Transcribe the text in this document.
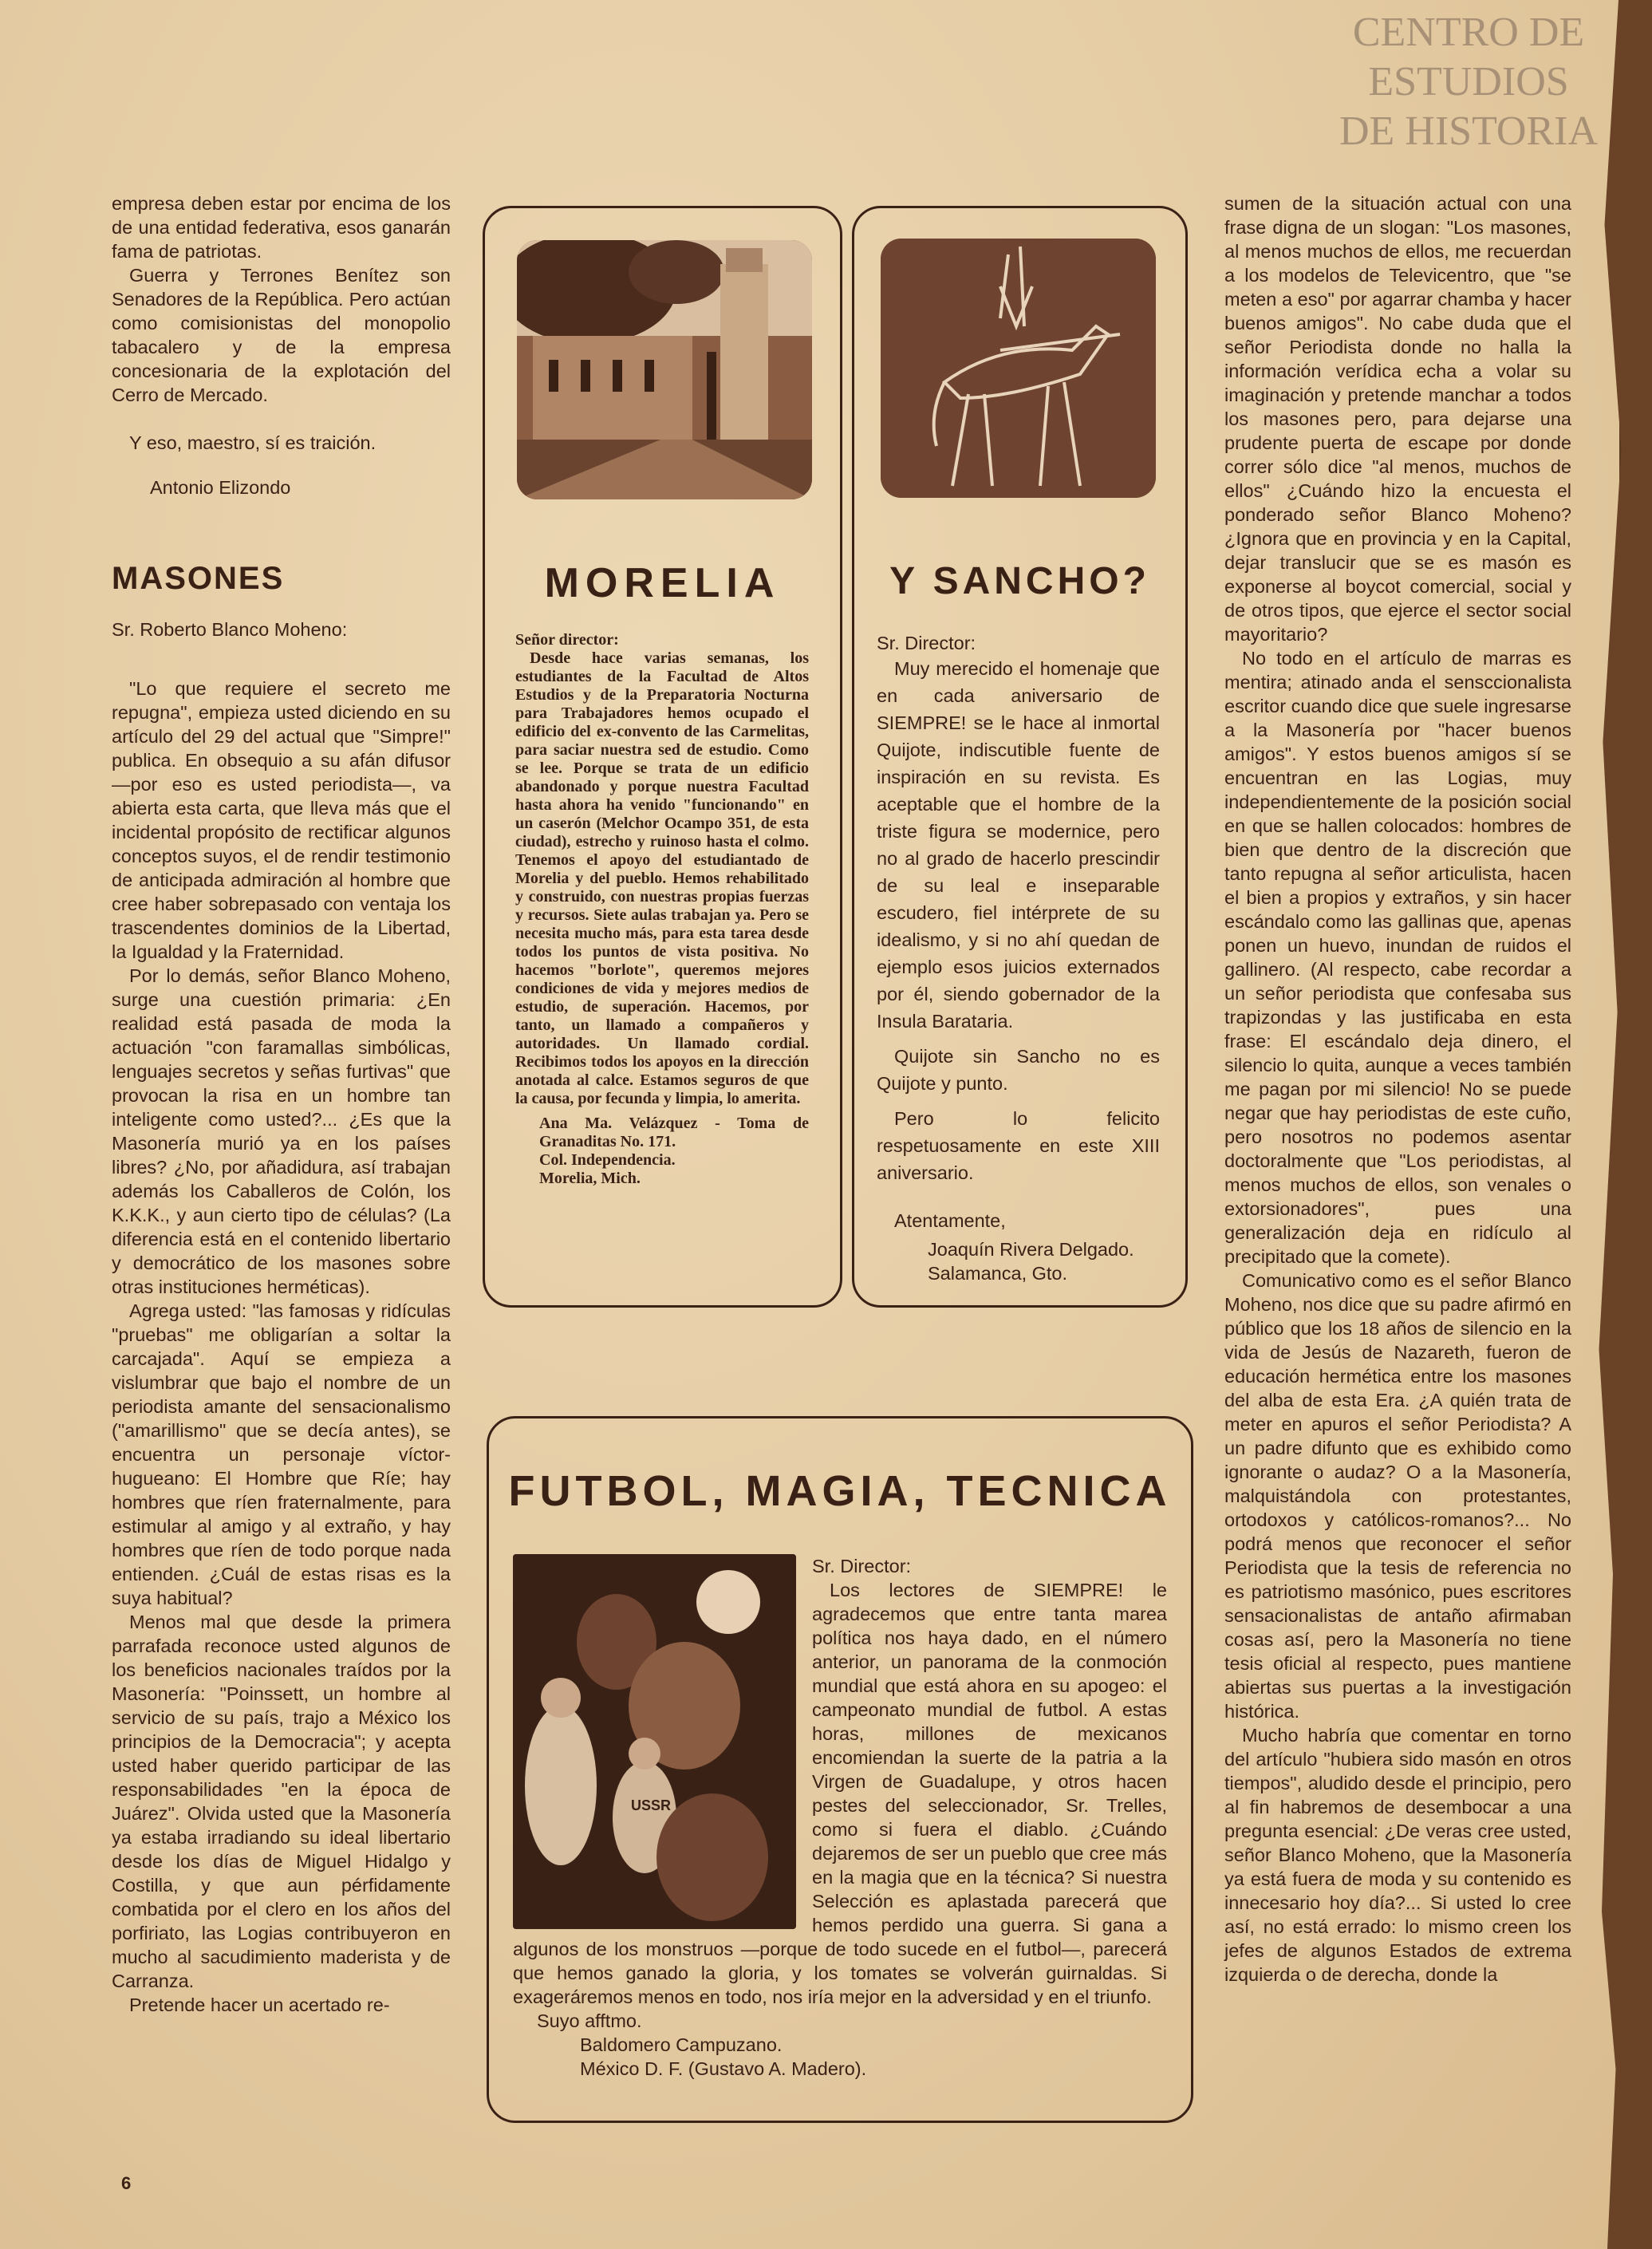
CENTRO DE
ESTUDIOS
DE HISTORIA

empresa deben estar por encima de los de una entidad federativa, esos ganarán fama de patriotas.

Guerra y Terrones Benítez son Senadores de la República. Pero actúan como comisionistas del monopolio tabacalero y de la empresa concesionaria de la explotación del Cerro de Mercado.

Y eso, maestro, sí es traición.

Antonio Elizondo

MASONES

Sr. Roberto Blanco Moheno:

"Lo que requiere el secreto me repugna", empieza usted diciendo en su artículo del 29 del actual que "Simpre!" publica. En obsequio a su afán difusor —por eso es usted periodista—, va abierta esta carta, que lleva más que el incidental propósito de rectificar algunos conceptos suyos, el de rendir testimonio de anticipada admiración al hombre que cree haber sobrepasado con ventaja los trascendentes dominios de la Libertad, la Igualdad y la Fraternidad.

Por lo demás, señor Blanco Moheno, surge una cuestión primaria: ¿En realidad está pasada de moda la actuación "con faramallas simbólicas, lenguajes secretos y señas furtivas" que provocan la risa en un hombre tan inteligente como usted?... ¿Es que la Masonería murió ya en los países libres? ¿No, por añadidura, así trabajan además los Caballeros de Colón, los K.K.K., y aun cierto tipo de células? (La diferencia está en el contenido libertario y democrático de los masones sobre otras instituciones herméticas).

Agrega usted: "las famosas y ridículas "pruebas" me obligarían a soltar la carcajada". Aquí se empieza a vislumbrar que bajo el nombre de un periodista amante del sensacionalismo ("amarillismo" que se decía antes), se encuentra un personaje víctor-hugueano: El Hombre que Ríe; hay hombres que ríen fraternalmente, para estimular al amigo y al extraño, y hay hombres que ríen de todo porque nada entienden. ¿Cuál de estas risas es la suya habitual?

Menos mal que desde la primera parrafada reconoce usted algunos de los beneficios nacionales traídos por la Masonería: "Poinssett, un hombre al servicio de su país, trajo a México los principios de la Democracia"; y acepta usted haber querido participar de las responsabilidades "en la época de Juárez". Olvida usted que la Masonería ya estaba irradiando su ideal libertario desde los días de Miguel Hidalgo y Costilla, y que aun pérfidamente combatida por el clero en los años del porfiriato, las Logias contribuyeron en mucho al sacudimiento maderista y de Carranza.

Pretende hacer un acertado re-

6
MORELIA

Señor director:

Desde hace varias semanas, los estudiantes de la Facultad de Altos Estudios y de la Preparatoria Nocturna para Trabajadores hemos ocupado el edificio del ex-convento de las Carmelitas, para saciar nuestra sed de estudio. Como se lee. Porque se trata de un edificio abandonado y porque nuestra Facultad hasta ahora ha venido "funcionando" en un caserón (Melchor Ocampo 351, de esta ciudad), estrecho y ruinoso hasta el colmo. Tenemos el apoyo del estudiantado de Morelia y del pueblo. Hemos rehabilitado y construido, con nuestras propias fuerzas y recursos. Siete aulas trabajan ya. Pero se necesita mucho más, para esta tarea desde todos los puntos de vista positiva. No hacemos "borlote", queremos mejores condiciones de vida y mejores medios de estudio, de superación. Hacemos, por tanto, un llamado a compañeros y autoridades. Un llamado cordial. Recibimos todos los apoyos en la dirección anotada al calce. Estamos seguros de que la causa, por fecunda y limpia, lo amerita.

Ana Ma. Velázquez - Toma de Granaditas No. 171.

Col. Independencia.

Morelia, Mich.

Y SANCHO?

Sr. Director:

Muy merecido el homenaje que en cada aniversario de SIEMPRE! se le hace al inmortal Quijote, indiscutible fuente de inspiración en su revista. Es aceptable que el hombre de la triste figura se modernice, pero no al grado de hacerlo prescindir de su leal e inseparable escudero, fiel intérprete de su idealismo, y si no ahí quedan de ejemplo esos juicios externados por él, siendo gobernador de la Insula Barataria.

Quijote sin Sancho no es Quijote y punto.

Pero lo felicito respetuosamente en este XIII aniversario.

Atentamente,

Joaquín Rivera Delgado.

Salamanca, Gto.

FUTBOL, MAGIA, TECNICA
USSR

Sr. Director:

Los lectores de SIEMPRE! le agradecemos que entre tanta marea política nos haya dado, en el número anterior, un panorama de la conmoción mundial que está ahora en su apogeo: el campeonato mundial de futbol. A estas horas, millones de mexicanos encomiendan la suerte de la patria a la Virgen de Guadalupe, y otros hacen pestes del seleccionador, Sr. Trelles, como si fuera el diablo. ¿Cuándo dejaremos de ser un pueblo que cree más en la magia que en la técnica? Si nuestra Selección es aplastada parecerá que hemos perdido una guerra. Si gana a algunos de los monstruos —porque de todo sucede en el futbol—, parecerá que hemos ganado la gloria, y los tomates se volverán guirnaldas. Si exageráremos menos en todo, nos iría mejor en la adversidad y en el triunfo.

Suyo afftmo.

Baldomero Campuzano.

México D. F. (Gustavo A. Madero).

sumen de la situación actual con una frase digna de un slogan: "Los masones, al menos muchos de ellos, me recuerdan a los modelos de Televicentro, que "se meten a eso" por agarrar chamba y hacer buenos amigos". No cabe duda que el señor Periodista donde no halla la información verídica echa a volar su imaginación y pretende manchar a todos los masones pero, para dejarse una prudente puerta de escape por donde correr sólo dice "al menos, muchos de ellos" ¿Cuándo hizo la encuesta el ponderado señor Blanco Moheno? ¿Ignora que en provincia y en la Capital, dejar translucir que se es masón es exponerse al boycot comercial, social y de otros tipos, que ejerce el sector social mayoritario?

No todo en el artículo de marras es mentira; atinado anda el sensccionalista escritor cuando dice que suele ingresarse a la Masonería por "hacer buenos amigos". Y estos buenos amigos sí se encuentran en las Logias, muy independientemente de la posición social en que se hallen colocados: hombres de bien que dentro de la discreción que tanto repugna al señor articulista, hacen el bien a propios y extraños, y sin hacer escándalo como las gallinas que, apenas ponen un huevo, inundan de ruidos el gallinero. (Al respecto, cabe recordar a un señor periodista que confesaba sus trapizondas y las justificaba en esta frase: El escándalo deja dinero, el silencio lo quita, aunque a veces también me pagan por mi silencio! No se puede negar que hay periodistas de este cuño, pero nosotros no podemos asentar doctoralmente que "Los periodistas, al menos muchos de ellos, son venales o extorsionadores", pues una generalización deja en ridículo al precipitado que la comete).

Comunicativo como es el señor Blanco Moheno, nos dice que su padre afirmó en público que los 18 años de silencio en la vida de Jesús de Nazareth, fueron de educación hermética entre los masones del alba de esta Era. ¿A quién trata de meter en apuros el señor Periodista? A un padre difunto que es exhibido como ignorante o audaz? O a la Masonería, malquistándola con protestantes, ortodoxos y católicos-romanos?... No podrá menos que reconocer el señor Periodista que la tesis de referencia no es patriotismo masónico, pues escritores sensacionalistas de antaño afirmaban cosas así, pero la Masonería no tiene tesis oficial al respecto, pues mantiene abiertas sus puertas a la investigación histórica.

Mucho habría que comentar en torno del artículo "hubiera sido masón en otros tiempos", aludido desde el principio, pero al fin habremos de desembocar a una pregunta esencial: ¿De veras cree usted, señor Blanco Moheno, que la Masonería ya está fuera de moda y su contenido es innecesario hoy día?... Si usted lo cree así, no está errado: lo mismo creen los jefes de algunos Estados de extrema izquierda o de derecha, donde la
